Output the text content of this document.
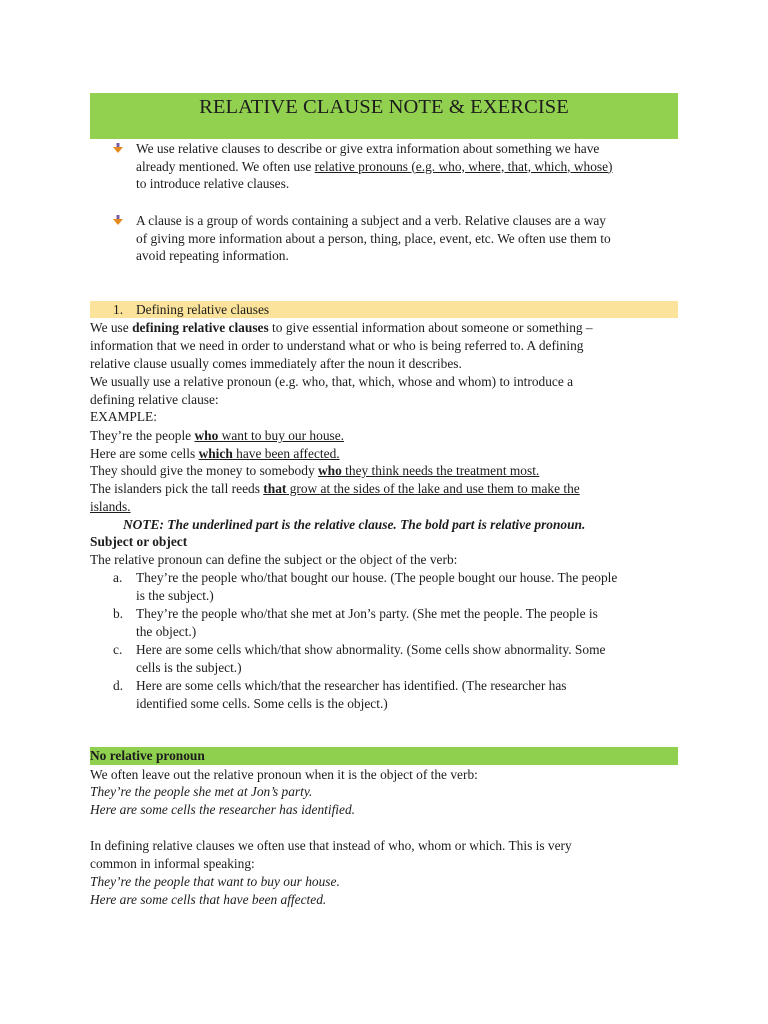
RELATIVE CLAUSE NOTE & EXERCISE
We use relative clauses to describe or give extra information about something we have
already mentioned. We often use relative pronouns (e.g. who, where, that, which, whose)
to introduce relative clauses.
A clause is a group of words containing a subject and a verb. Relative clauses are a way
of giving more information about a person, thing, place, event, etc. We often use them to
avoid repeating information.
1. Defining relative clauses
We use defining relative clauses to give essential information about someone or something –
information that we need in order to understand what or who is being referred to. A defining
relative clause usually comes immediately after the noun it describes.
We usually use a relative pronoun (e.g. who, that, which, whose and whom) to introduce a
defining relative clause:
EXAMPLE:
They’re the people who want to buy our house.
Here are some cells which have been affected.
They should give the money to somebody who they think needs the treatment most.
The islanders pick the tall reeds that grow at the sides of the lake and use them to make the
islands.
NOTE: The underlined part is the relative clause. The bold part is relative pronoun.
Subject or object
The relative pronoun can define the subject or the object of the verb:
a. They’re the people who/that bought our house. (The people bought our house. The people
is the subject.)
b. They’re the people who/that she met at Jon’s party. (She met the people. The people is
the object.)
c. Here are some cells which/that show abnormality. (Some cells show abnormality. Some
cells is the subject.)
d. Here are some cells which/that the researcher has identified. (The researcher has
identified some cells. Some cells is the object.)
No relative pronoun
We often leave out the relative pronoun when it is the object of the verb:
They’re the people she met at Jon’s party.
Here are some cells the researcher has identified.
In defining relative clauses we often use that instead of who, whom or which. This is very
common in informal speaking:
They’re the people that want to buy our house.
Here are some cells that have been affected.
